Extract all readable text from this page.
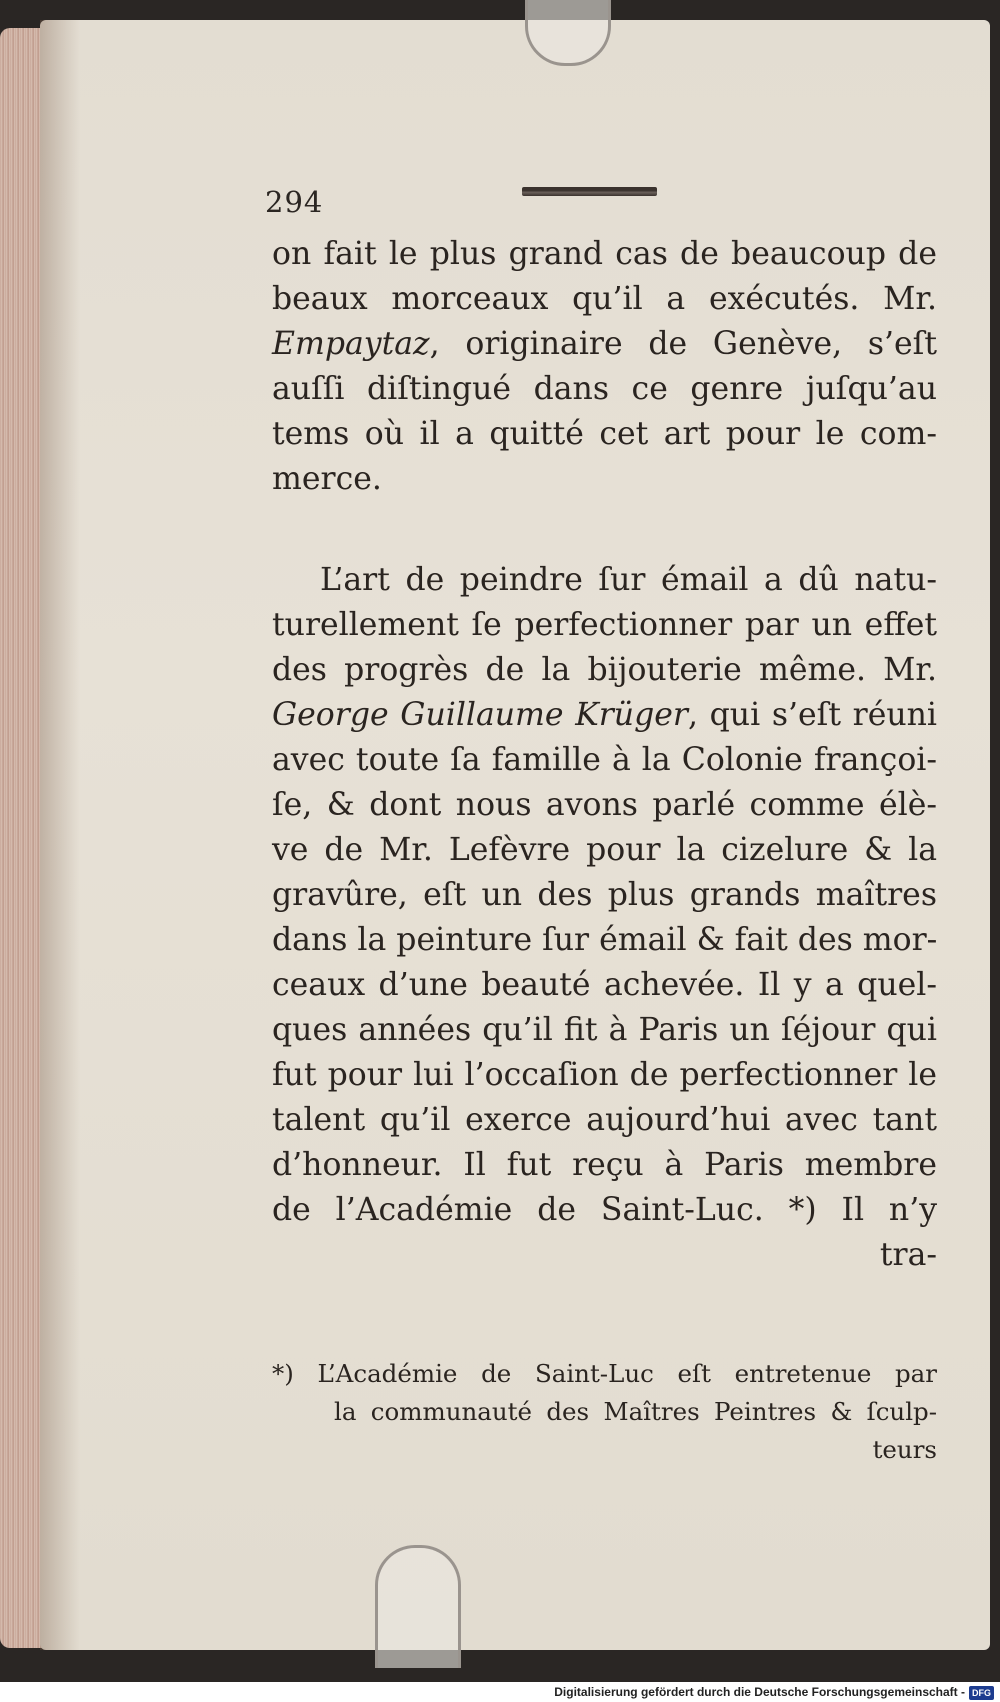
294
on fait le plus grand cas de beaucoup de
beaux morceaux qu’il a exécutés. Mr.
Empaytaz, originaire de Genève, s’eſt
auſſi diſtingué dans ce genre juſqu’au
tems où il a quitté cet art pour le com-
merce.
L’art de peindre ſur émail a dû natu-
turellement ſe perfectionner par un effet
des progrès de la bijouterie même. Mr.
George Guillaume Krüger, qui s’eſt réuni
avec toute ſa famille à la Colonie françoi-
ſe, & dont nous avons parlé comme élè-
ve de Mr. Lefèvre pour la cizelure & la
gravûre, eſt un des plus grands maîtres
dans la peinture ſur émail & fait des mor-
ceaux d’une beauté achevée. Il y a quel-
ques années qu’il fit à Paris un ſéjour qui
fut pour lui l’occaſion de perfectionner le
talent qu’il exerce aujourd’hui avec tant
d’honneur. Il fut reçu à Paris membre
de l’Académie de Saint-Luc. *) Il n’y
tra-
*) L’Académie de Saint-Luc eſt entretenue par
la communauté des Maîtres Peintres & ſculp-
teurs
Digitalisierung gefördert durch die Deutsche Forschungsgemeinschaft - DFG
